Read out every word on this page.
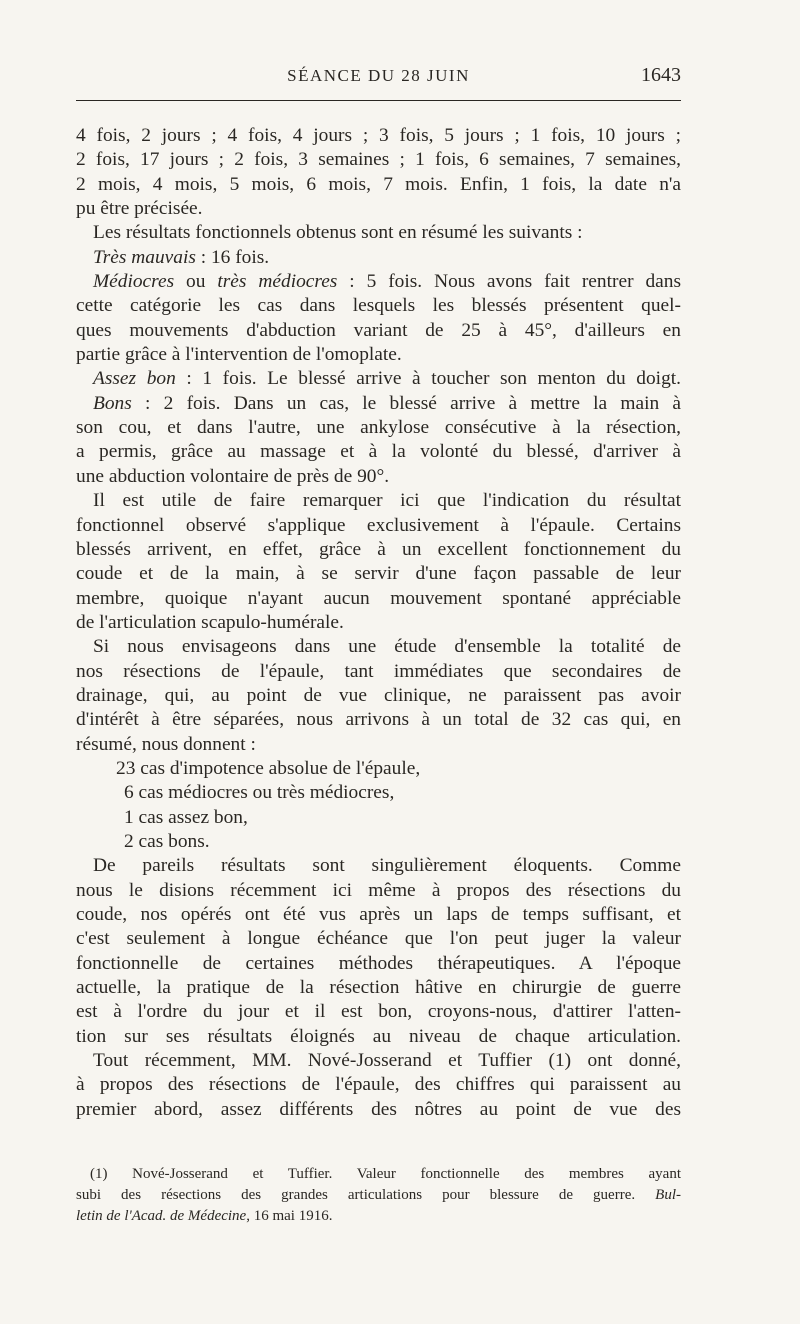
SÉANCE DU 28 JUIN	1643
4 fois, 2 jours ; 4 fois, 4 jours ; 3 fois, 5 jours ; 1 fois, 10 jours ;
2 fois, 17 jours ; 2 fois, 3 semaines ; 1 fois, 6 semaines, 7 semaines,
2 mois, 4 mois, 5 mois, 6 mois, 7 mois. Enfin, 1 fois, la date n'a
pu être précisée.
Les résultats fonctionnels obtenus sont en résumé les suivants :
Très mauvais : 16 fois.
Médiocres ou très médiocres : 5 fois. Nous avons fait rentrer dans
cette catégorie les cas dans lesquels les blessés présentent quel-
ques mouvements d'abduction variant de 25 à 45°, d'ailleurs en
partie grâce à l'intervention de l'omoplate.
Assez bon : 1 fois. Le blessé arrive à toucher son menton du doigt.
Bons : 2 fois. Dans un cas, le blessé arrive à mettre la main à
son cou, et dans l'autre, une ankylose consécutive à la résection,
a permis, grâce au massage et à la volonté du blessé, d'arriver à
une abduction volontaire de près de 90°.
Il est utile de faire remarquer ici que l'indication du résultat
fonctionnel observé s'applique exclusivement à l'épaule. Certains
blessés arrivent, en effet, grâce à un excellent fonctionnement du
coude et de la main, à se servir d'une façon passable de leur
membre, quoique n'ayant aucun mouvement spontané appréciable
de l'articulation scapulo-humérale.
Si nous envisageons dans une étude d'ensemble la totalité de
nos résections de l'épaule, tant immédiates que secondaires de
drainage, qui, au point de vue clinique, ne paraissent pas avoir
d'intérêt à être séparées, nous arrivons à un total de 32 cas qui, en
résumé, nous donnent :
23 cas d'impotence absolue de l'épaule,
6 cas médiocres ou très médiocres,
1 cas assez bon,
2 cas bons.
De pareils résultats sont singulièrement éloquents. Comme
nous le disions récemment ici même à propos des résections du
coude, nos opérés ont été vus après un laps de temps suffisant, et
c'est seulement à longue échéance que l'on peut juger la valeur
fonctionnelle de certaines méthodes thérapeutiques. A l'époque
actuelle, la pratique de la résection hâtive en chirurgie de guerre
est à l'ordre du jour et il est bon, croyons-nous, d'attirer l'atten-
tion sur ses résultats éloignés au niveau de chaque articulation.
Tout récemment, MM. Nové-Josserand et Tuffier (1) ont donné,
à propos des résections de l'épaule, des chiffres qui paraissent au
premier abord, assez différents des nôtres au point de vue des
(1) Nové-Josserand et Tuffier. Valeur fonctionnelle des membres ayant
subi des résections des grandes articulations pour blessure de guerre. Bul-
letin de l'Acad. de Médecine, 16 mai 1916.
